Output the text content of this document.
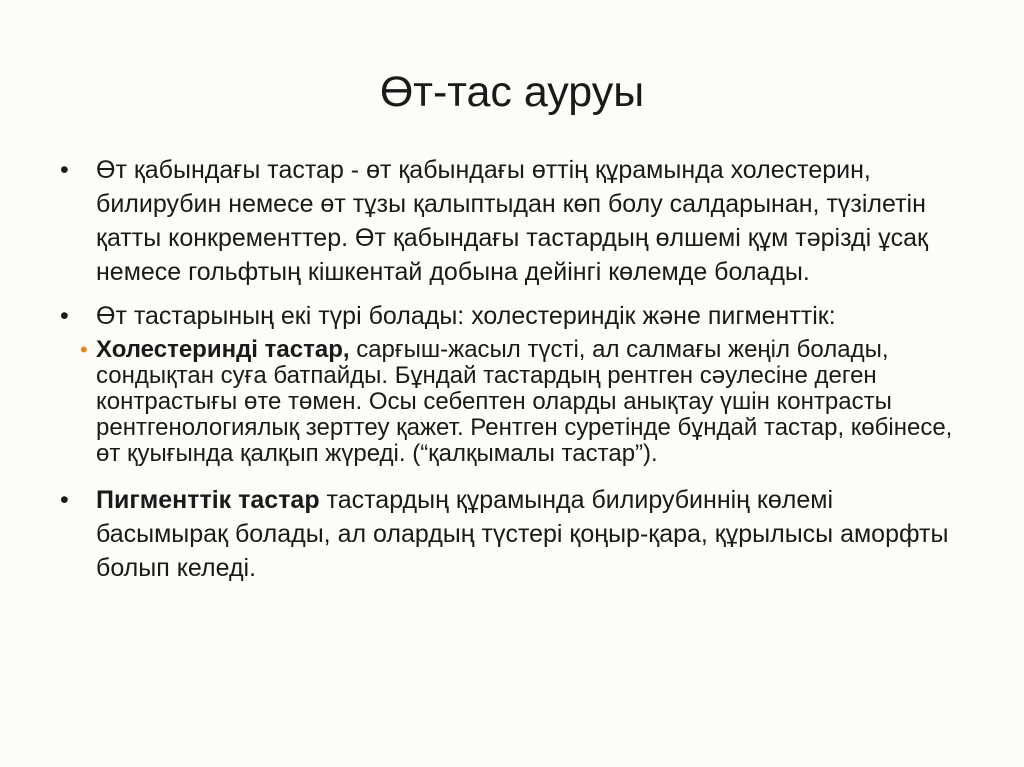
Өт-тас ауруы
•	Өт қабындағы тастар - өт қабындағы өттің құрамында холестерин, билирубин немесе өт тұзы қалыптыдан көп болу салдарынан, түзілетін қатты конкременттер. Өт қабындағы тастардың өлшемі құм тәрізді ұсақ немесе гольфтың кішкентай добына дейінгі көлемде болады.
•	Өт тастарының екі түрі болады: холестериндік және пигменттік:
• Холестеринді тастар, сарғыш-жасыл түсті, ал салмағы жеңіл болады, сондықтан суға батпайды. Бұндай тастардың рентген сәулесіне деген контрастығы өте төмен. Осы себептен оларды анықтау үшін контрасты рентгенологиялық зерттеу қажет. Рентген суретінде бұндай тастар, көбінесе, өт қуығында қалқып жүреді. (“қалқымалы тастар”).
•	Пигменттік тастар тастардың құрамында билирубиннің көлемі басымырақ болады, ал олардың түстері қоңыр-қара, құрылысы аморфты болып келеді.
